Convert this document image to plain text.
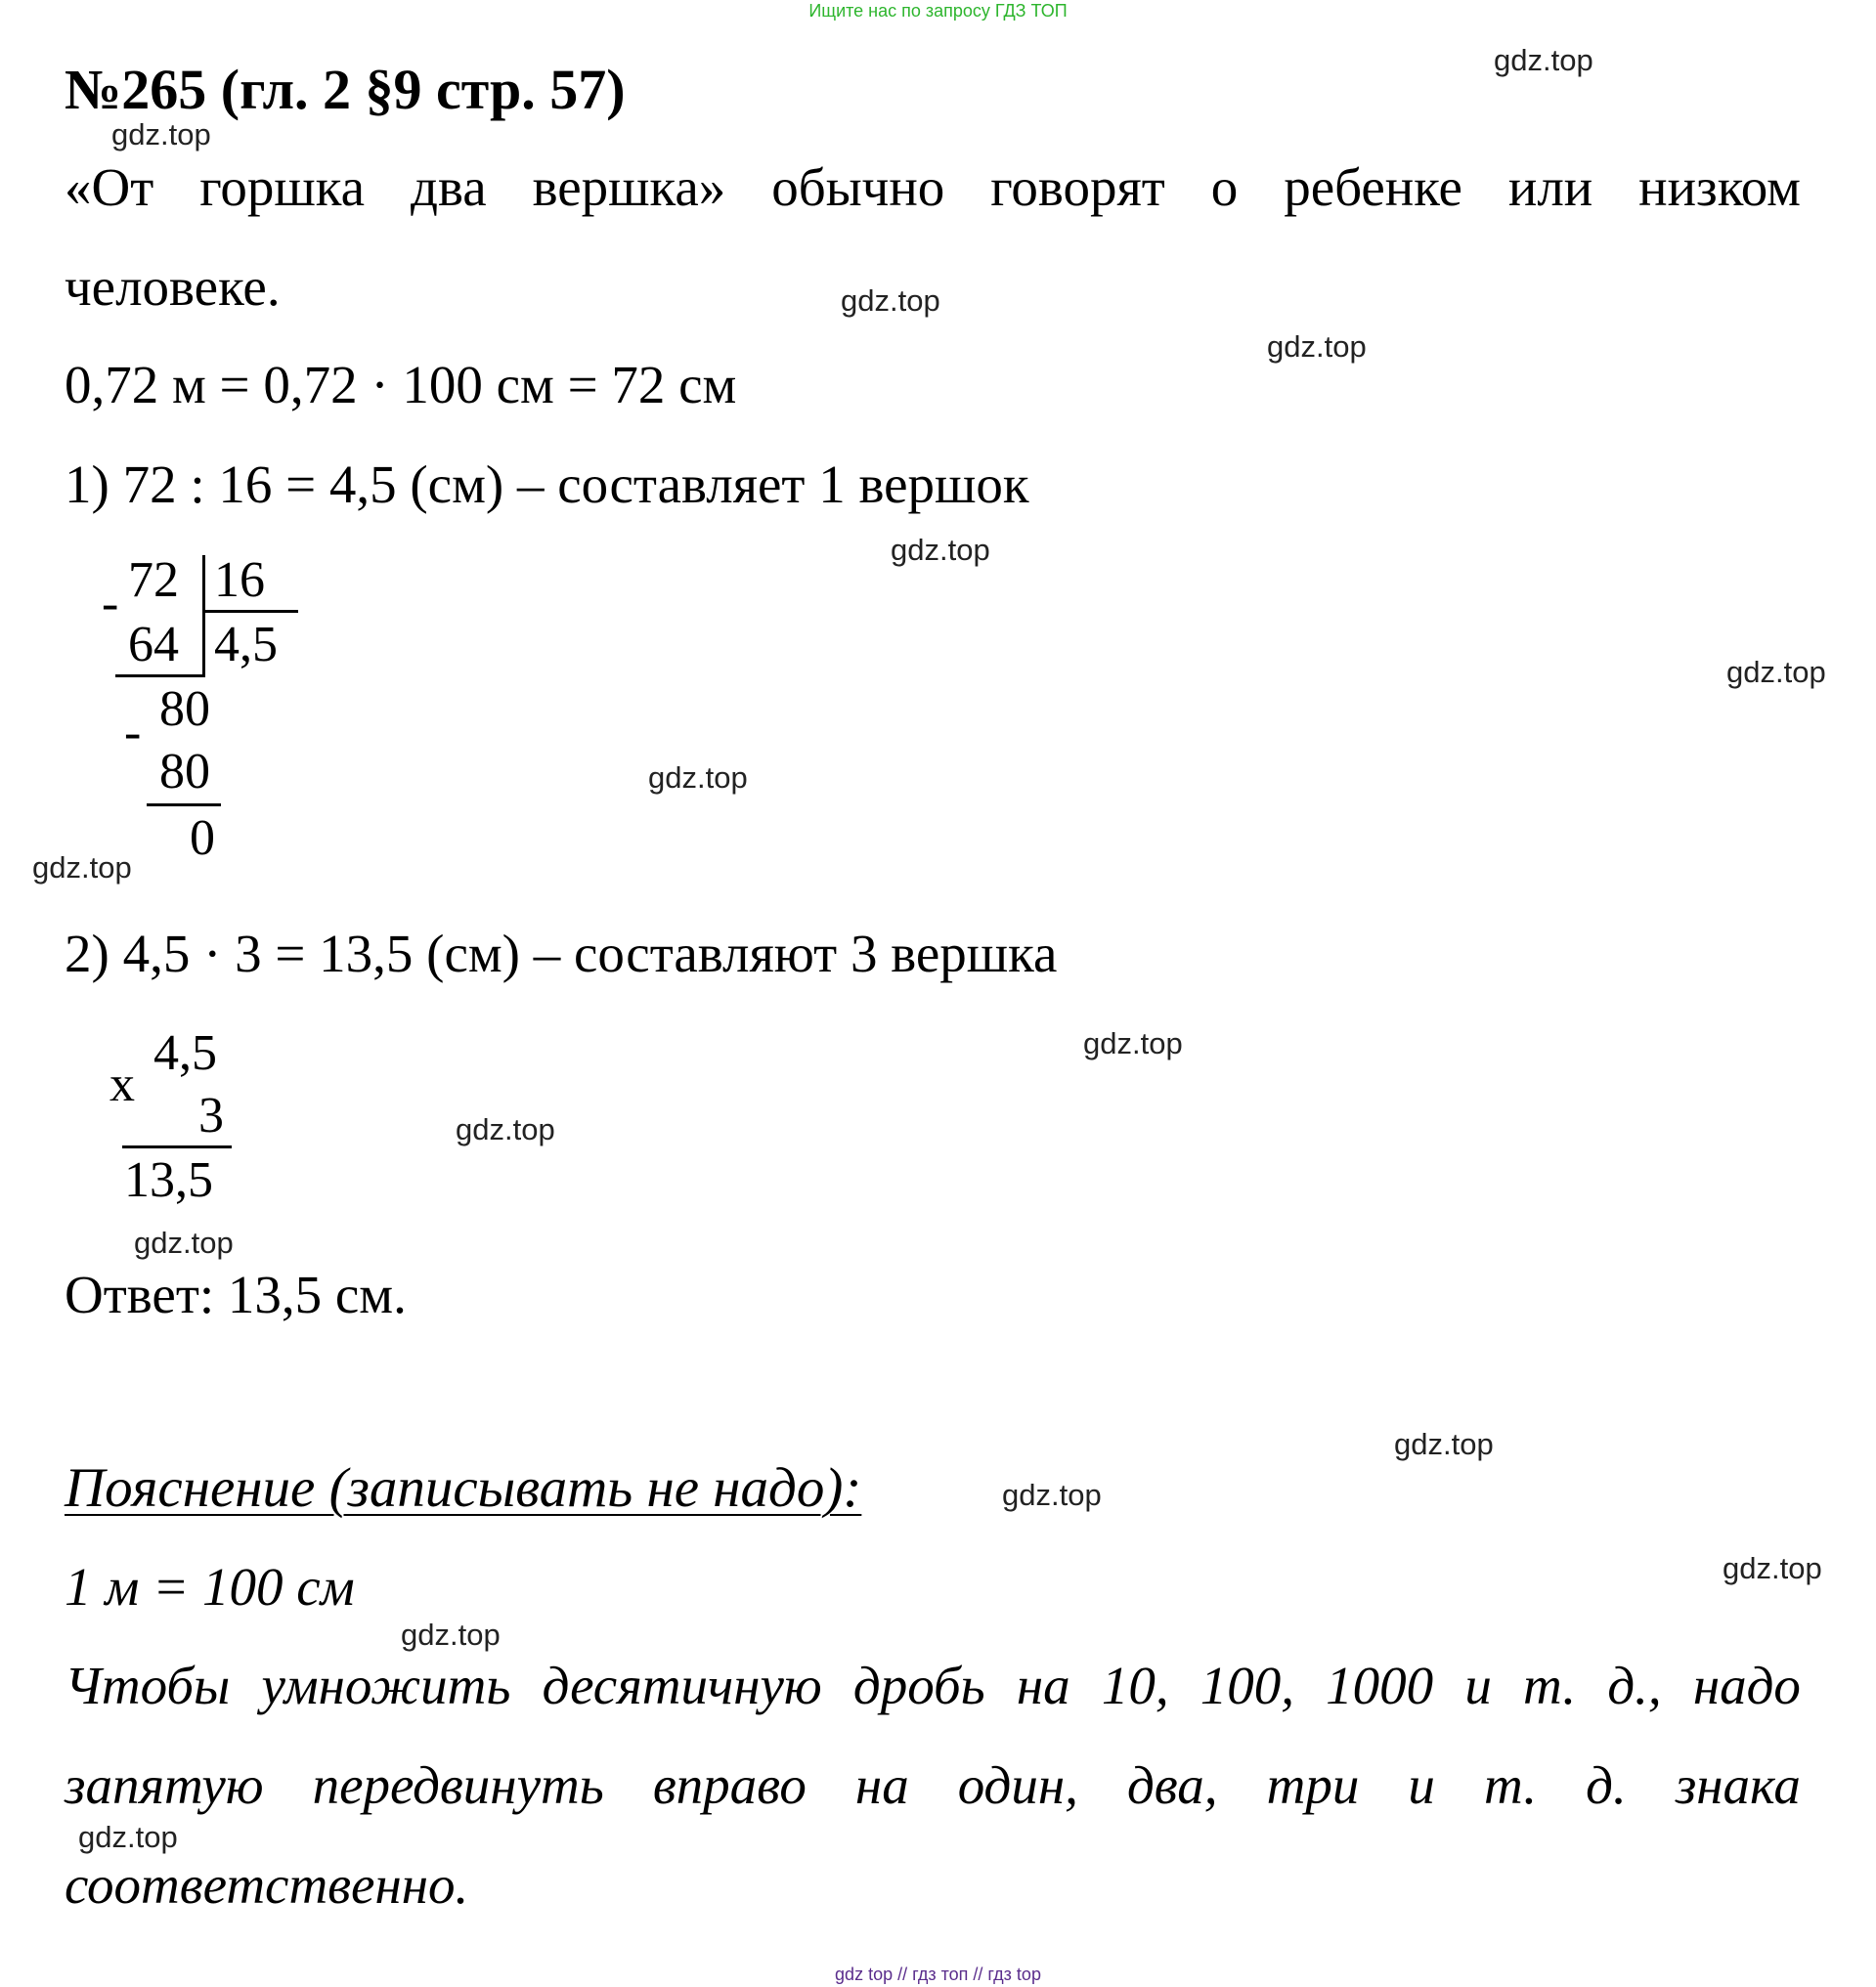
Ищите нас по запросу ГДЗ ТОП
gdz.top
gdz.top
gdz.top
gdz.top
gdz.top
gdz.top
gdz.top
gdz.top
gdz.top
gdz.top
gdz.top
gdz.top
gdz.top
gdz.top
gdz.top
gdz.top
№265 (гл. 2 §9 стр. 57)
«От горшка два вершка» обычно говорят о ребенке или низком
человеке.
0,72 м = 0,72 · 100 см = 72 см
1) 72 : 16 = 4,5 (см) – составляет 1 вершок
- 72 16
64 4,5
80
-
80
0
2) 4,5 · 3 = 13,5 (см) – составляют 3 вершка
x
4,5
3
13,5
Ответ: 13,5 см.
Пояснение (записывать не надо):
1 м = 100 см
Чтобы умножить десятичную дробь на 10, 100, 1000 и т. д., надо
запятую передвинуть вправо на один, два, три и т. д. знака
соответственно.
gdz top // гдз топ // гдз top
